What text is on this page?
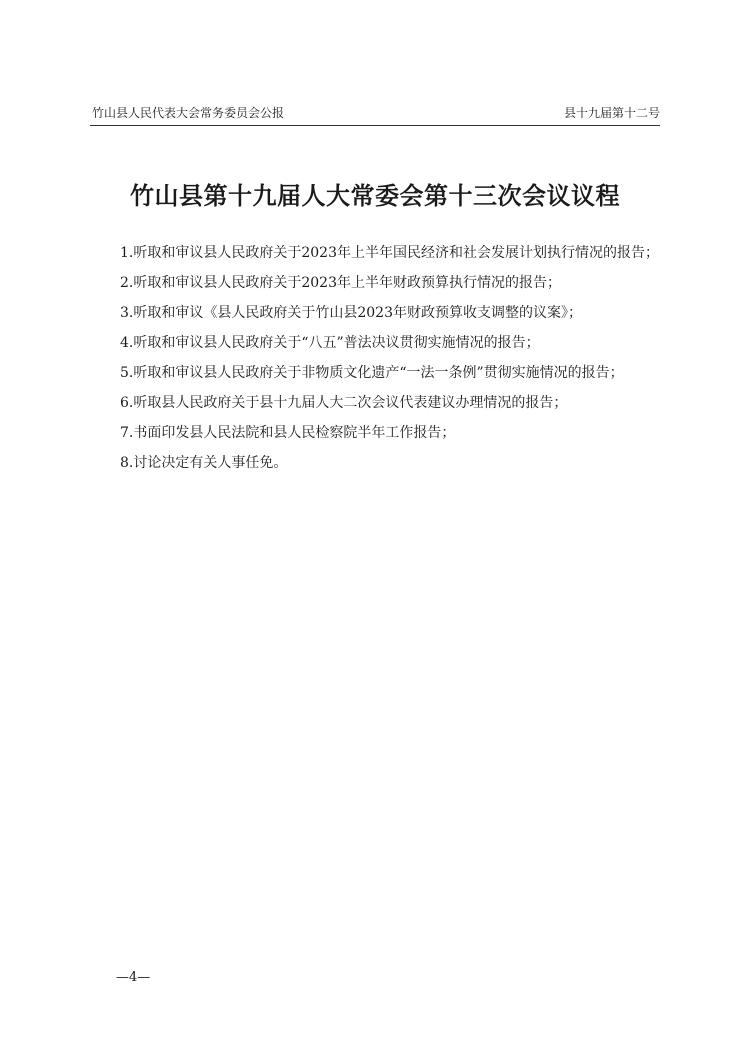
竹山县人民代表大会常务委员会公报	县十九届第十二号
竹山县第十九届人大常委会第十三次会议议程
1.听取和审议县人民政府关于2023年上半年国民经济和社会发展计划执行情况的报告；
2.听取和审议县人民政府关于2023年上半年财政预算执行情况的报告；
3.听取和审议《县人民政府关于竹山县2023年财政预算收支调整的议案》；
4.听取和审议县人民政府关于“八五”普法决议贯彻实施情况的报告；
5.听取和审议县人民政府关于非物质文化遗产“一法一条例”贯彻实施情况的报告；
6.听取县人民政府关于县十九届人大二次会议代表建议办理情况的报告；
7.书面印发县人民法院和县人民检察院半年工作报告；
8.讨论决定有关人事任免。
—4—
